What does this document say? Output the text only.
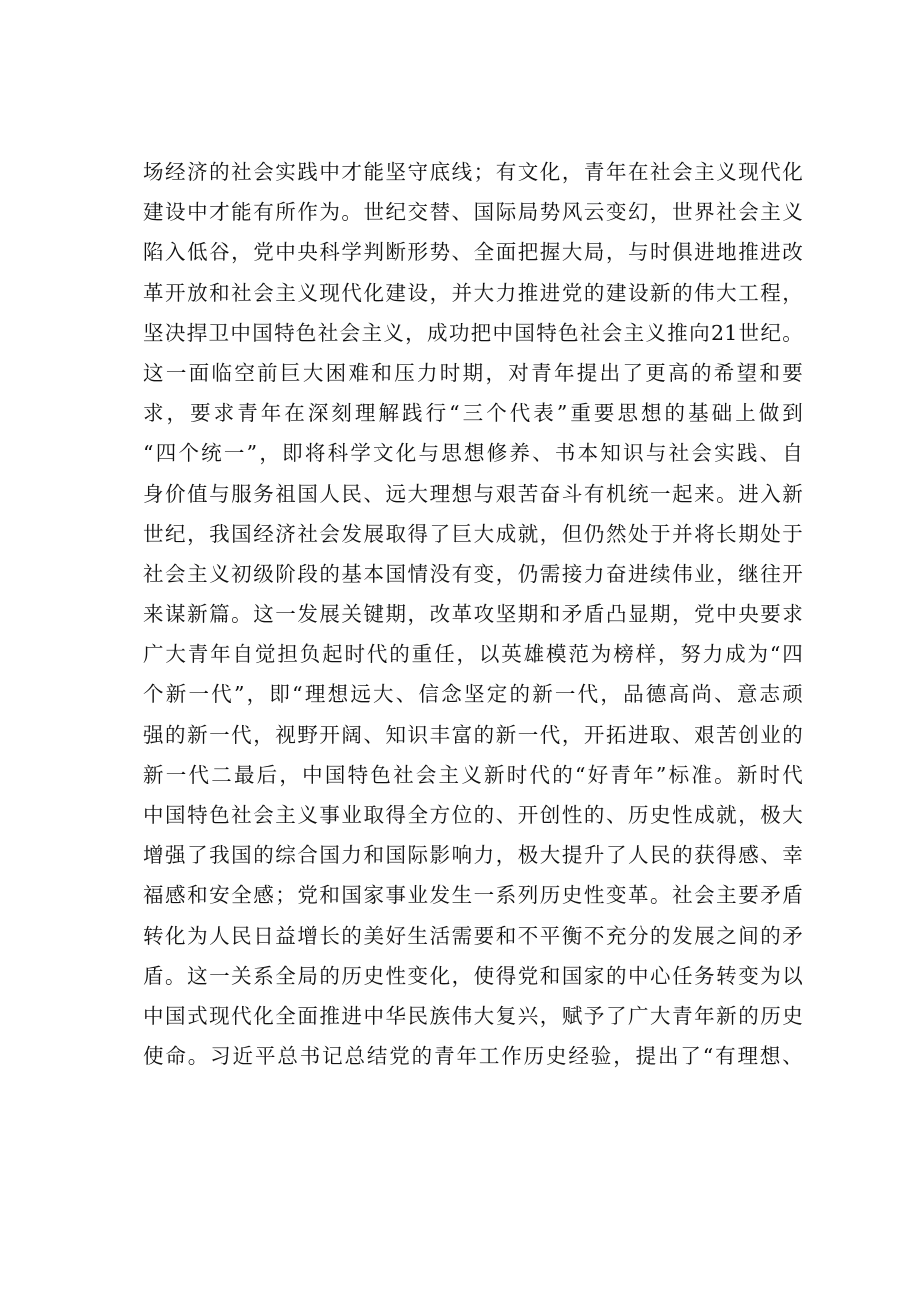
场经济的社会实践中才能坚守底线；有文化，青年在社会主义现代化
建设中才能有所作为。世纪交替、国际局势风云变幻，世界社会主义
陷入低谷，党中央科学判断形势、全面把握大局，与时俱进地推进改
革开放和社会主义现代化建设，并大力推进党的建设新的伟大工程，
坚决捍卫中国特色社会主义，成功把中国特色社会主义推向21世纪。
这一面临空前巨大困难和压力时期，对青年提出了更高的希望和要
求，要求青年在深刻理解践行“三个代表”重要思想的基础上做到
“四个统一”，即将科学文化与思想修养、书本知识与社会实践、自
身价值与服务祖国人民、远大理想与艰苦奋斗有机统一起来。进入新
世纪，我国经济社会发展取得了巨大成就，但仍然处于并将长期处于
社会主义初级阶段的基本国情没有变，仍需接力奋进续伟业，继往开
来谋新篇。这一发展关键期，改革攻坚期和矛盾凸显期，党中央要求
广大青年自觉担负起时代的重任，以英雄模范为榜样，努力成为“四
个新一代”，即“理想远大、信念坚定的新一代，品德高尚、意志顽
强的新一代，视野开阔、知识丰富的新一代，开拓进取、艰苦创业的
新一代二最后，中国特色社会主义新时代的“好青年”标准。新时代
中国特色社会主义事业取得全方位的、开创性的、历史性成就，极大
增强了我国的综合国力和国际影响力，极大提升了人民的获得感、幸
福感和安全感；党和国家事业发生一系列历史性变革。社会主要矛盾
转化为人民日益增长的美好生活需要和不平衡不充分的发展之间的矛
盾。这一关系全局的历史性变化，使得党和国家的中心任务转变为以
中国式现代化全面推进中华民族伟大复兴，赋予了广大青年新的历史
使命。习近平总书记总结党的青年工作历史经验，提出了“有理想、
